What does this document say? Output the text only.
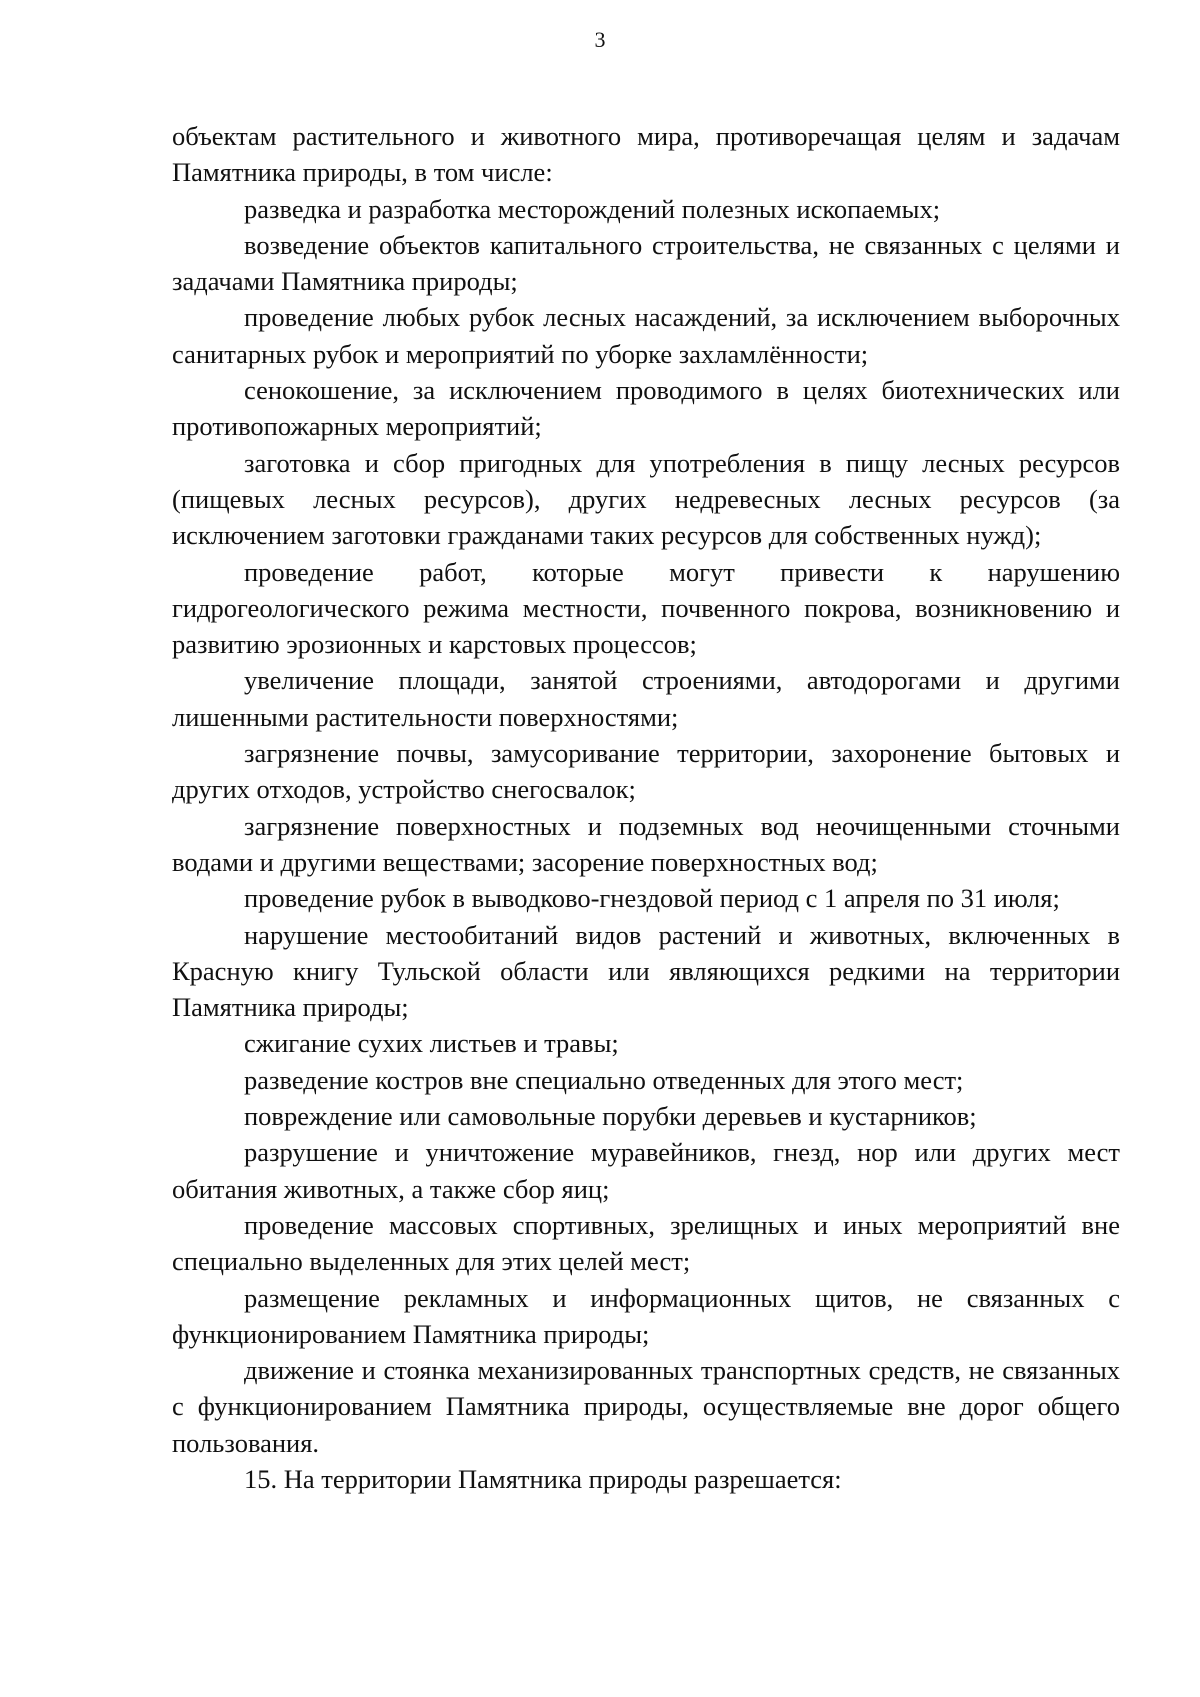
3

объектам растительного и животного мира, противоречащая целям и задачам Памятника природы, в том числе:

разведка и разработка месторождений полезных ископаемых;

возведение объектов капитального строительства, не связанных с целями и задачами Памятника природы;

проведение любых рубок лесных насаждений, за исключением выборочных санитарных рубок и мероприятий по уборке захламлённости;

сенокошение, за исключением проводимого в целях биотехнических или противопожарных мероприятий;

заготовка и сбор пригодных для употребления в пищу лесных ресурсов (пищевых лесных ресурсов), других недревесных лесных ресурсов (за исключением заготовки гражданами таких ресурсов для собственных нужд);

проведение работ, которые могут привести к нарушению гидрогеологического режима местности, почвенного покрова, возникновению и развитию эрозионных и карстовых процессов;

увеличение площади, занятой строениями, автодорогами и другими лишенными растительности поверхностями;

загрязнение почвы, замусоривание территории, захоронение бытовых и других отходов, устройство снегосвалок;

загрязнение поверхностных и подземных вод неочищенными сточными водами и другими веществами; засорение поверхностных вод;

проведение рубок в выводково-гнездовой период с 1 апреля по 31 июля;

нарушение местообитаний видов растений и животных, включенных в Красную книгу Тульской области или являющихся редкими на территории Памятника природы;

сжигание сухих листьев и травы;

разведение костров вне специально отведенных для этого мест;

повреждение или самовольные порубки деревьев и кустарников;

разрушение и уничтожение муравейников, гнезд, нор или других мест обитания животных, а также сбор яиц;

проведение массовых спортивных, зрелищных и иных мероприятий вне специально выделенных для этих целей мест;

размещение рекламных и информационных щитов, не связанных с функционированием Памятника природы;

движение и стоянка механизированных транспортных средств, не связанных с функционированием Памятника природы, осуществляемые вне дорог общего пользования.

15. На территории Памятника природы разрешается:
